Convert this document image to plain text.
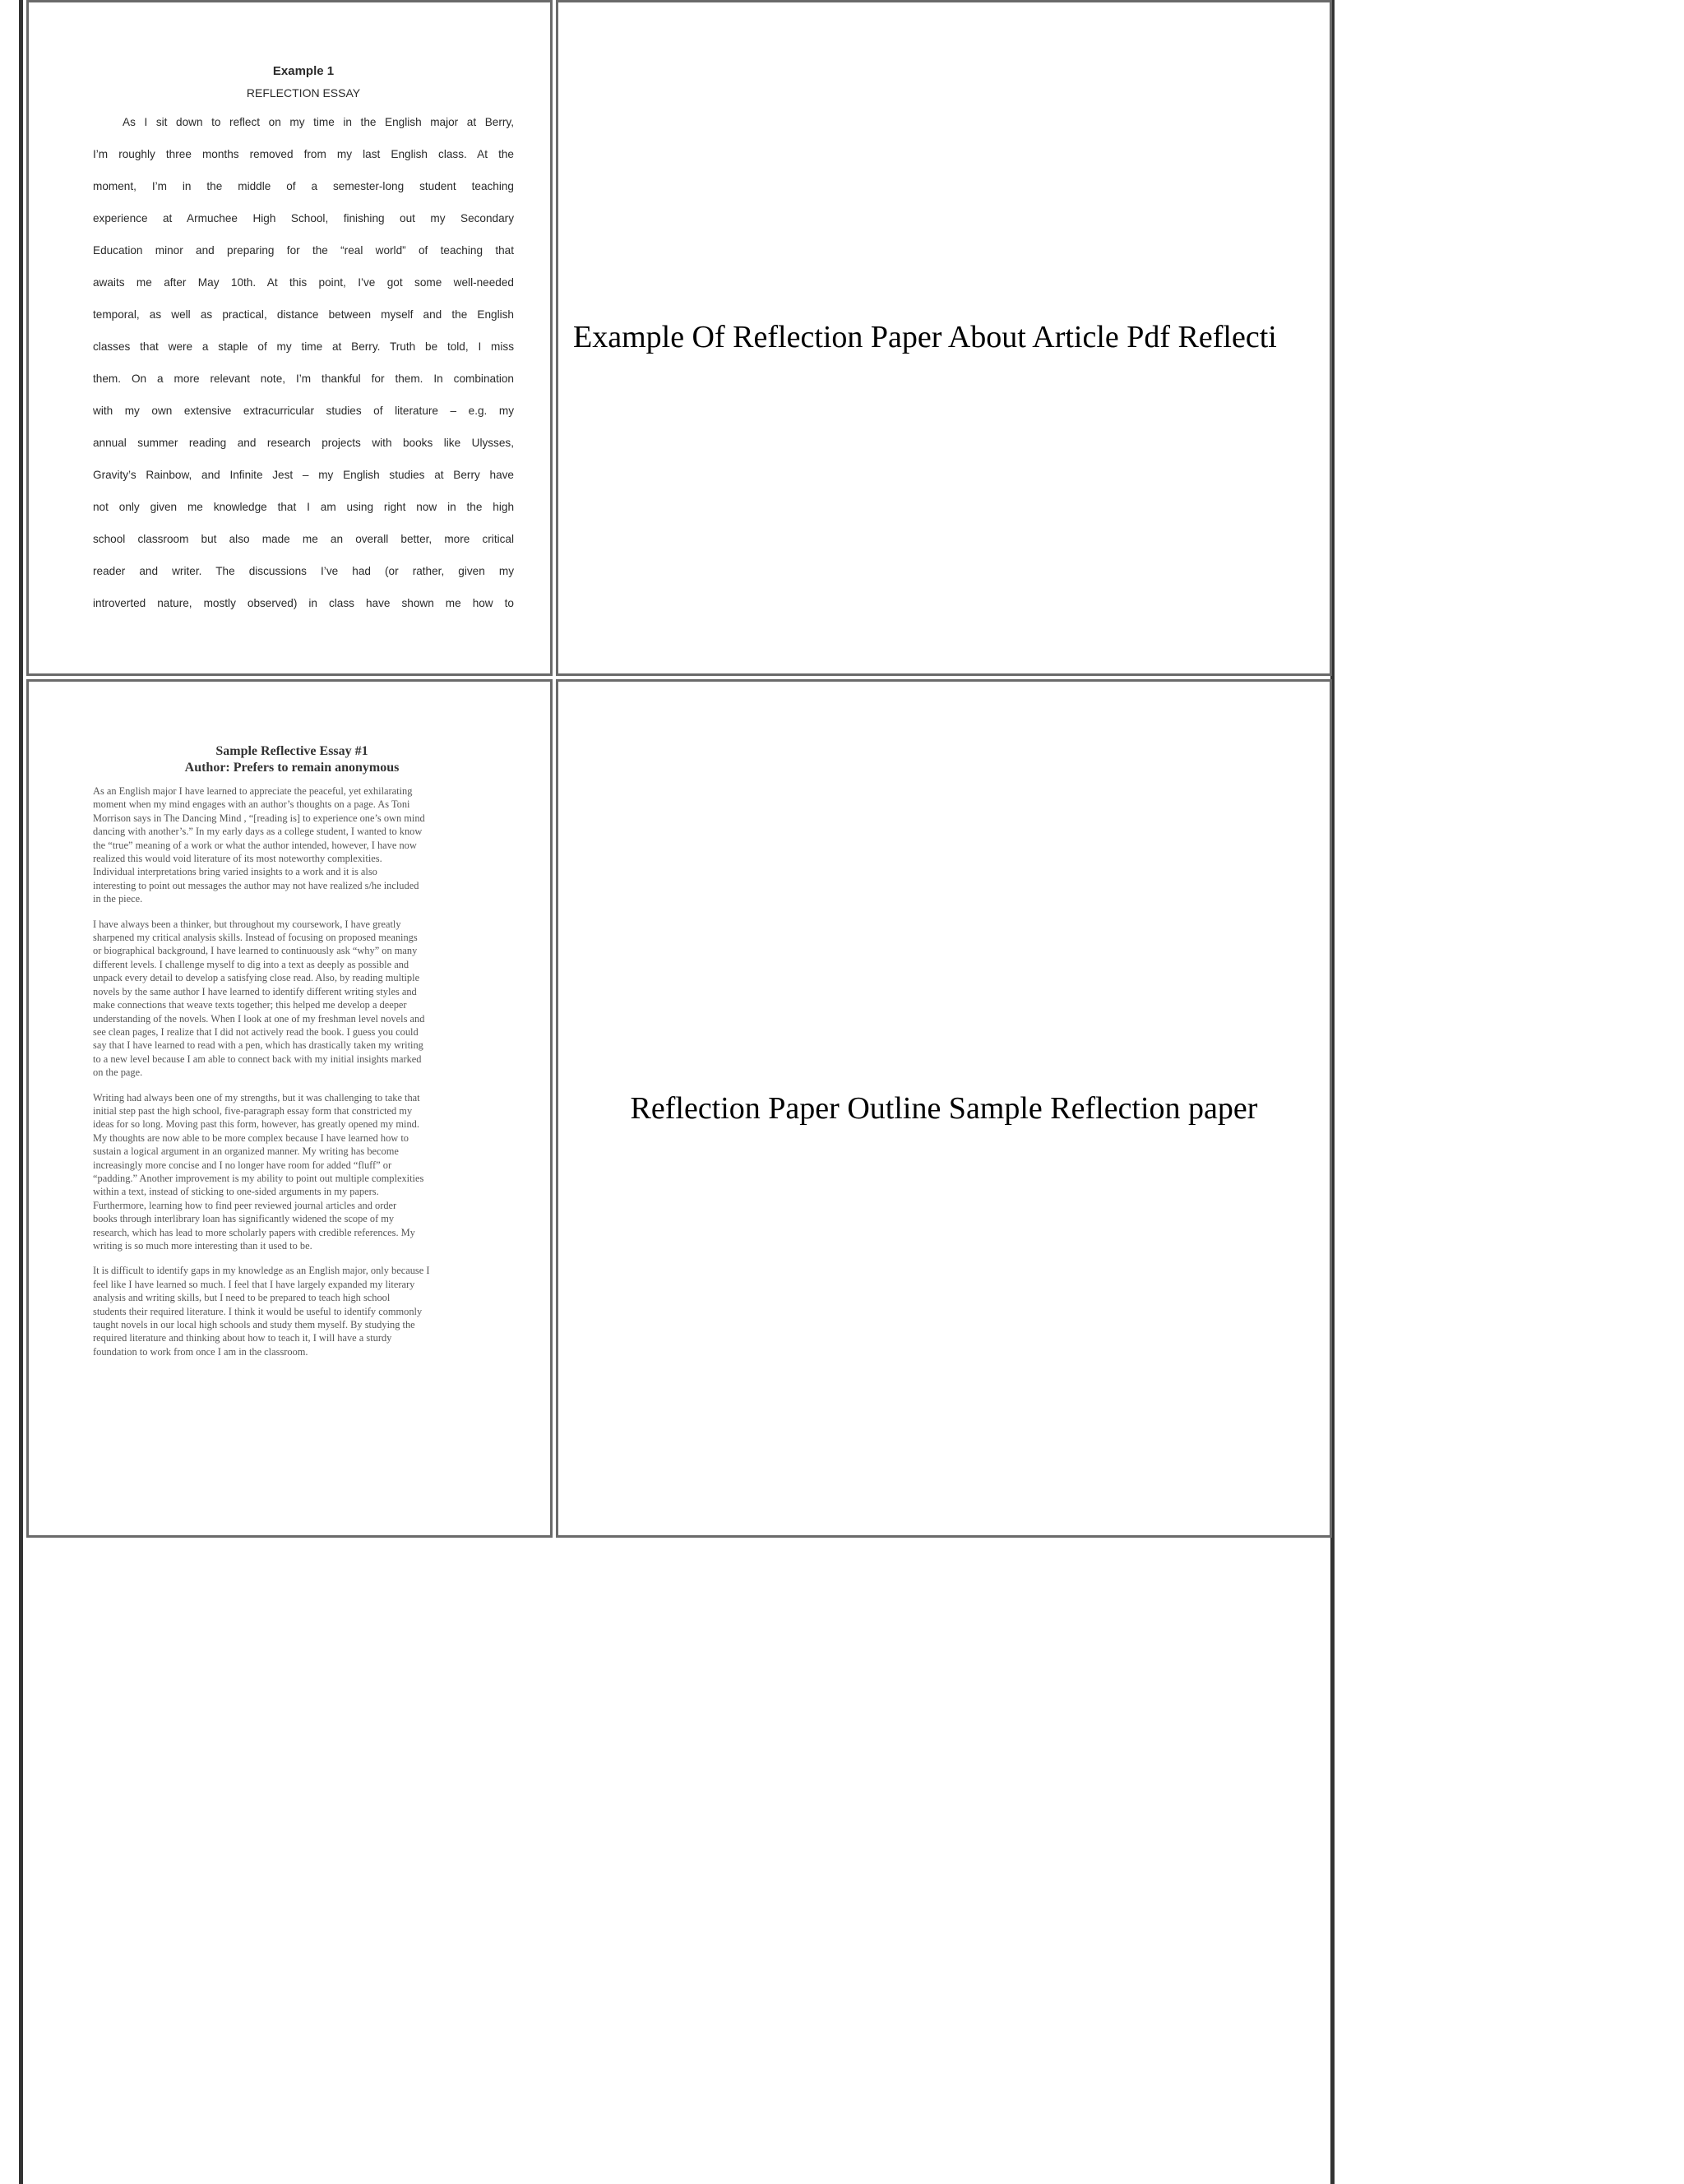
Example 1
REFLECTION ESSAY
As I sit down to reflect on my time in the English major at Berry,
I’m roughly three months removed from my last English class. At the
moment, I’m in the middle of a semester-long student teaching
experience at Armuchee High School, finishing out my Secondary
Education minor and preparing for the “real world” of teaching that
awaits me after May 10th. At this point, I’ve got some well-needed
temporal, as well as practical, distance between myself and the English
classes that were a staple of my time at Berry. Truth be told, I miss
them. On a more relevant note, I’m thankful for them. In combination
with my own extensive extracurricular studies of literature – e.g. my
annual summer reading and research projects with books like Ulysses,
Gravity’s Rainbow, and Infinite Jest – my English studies at Berry have
not only given me knowledge that I am using right now in the high
school classroom but also made me an overall better, more critical
reader and writer. The discussions I’ve had (or rather, given my
introverted nature, mostly observed) in class have shown me how to
Example Of Reflection Paper About Article Pdf Reflecti
Sample Reflective Essay #1
Author: Prefers to remain anonymous

As an English major I have learned to appreciate the peaceful, yet exhilarating
moment when my mind engages with an author’s thoughts on a page. As Toni
Morrison says in The Dancing Mind , “[reading is] to experience one’s own mind
dancing with another’s.” In my early days as a college student, I wanted to know
the “true” meaning of a work or what the author intended, however, I have now
realized this would void literature of its most noteworthy complexities.
Individual interpretations bring varied insights to a work and it is also
interesting to point out messages the author may not have realized s/he included
in the piece.

I have always been a thinker, but throughout my coursework, I have greatly
sharpened my critical analysis skills. Instead of focusing on proposed meanings
or biographical background, I have learned to continuously ask “why” on many
different levels. I challenge myself to dig into a text as deeply as possible and
unpack every detail to develop a satisfying close read. Also, by reading multiple
novels by the same author I have learned to identify different writing styles and
make connections that weave texts together; this helped me develop a deeper
understanding of the novels. When I look at one of my freshman level novels and
see clean pages, I realize that I did not actively read the book. I guess you could
say that I have learned to read with a pen, which has drastically taken my writing
to a new level because I am able to connect back with my initial insights marked
on the page.

Writing had always been one of my strengths, but it was challenging to take that
initial step past the high school, five-paragraph essay form that constricted my
ideas for so long. Moving past this form, however, has greatly opened my mind.
My thoughts are now able to be more complex because I have learned how to
sustain a logical argument in an organized manner. My writing has become
increasingly more concise and I no longer have room for added “fluff” or
“padding.” Another improvement is my ability to point out multiple complexities
within a text, instead of sticking to one-sided arguments in my papers.
Furthermore, learning how to find peer reviewed journal articles and order
books through interlibrary loan has significantly widened the scope of my
research, which has lead to more scholarly papers with credible references. My
writing is so much more interesting than it used to be.

It is difficult to identify gaps in my knowledge as an English major, only because I
feel like I have learned so much. I feel that I have largely expanded my literary
analysis and writing skills, but I need to be prepared to teach high school
students their required literature. I think it would be useful to identify commonly
taught novels in our local high schools and study them myself. By studying the
required literature and thinking about how to teach it, I will have a sturdy
foundation to work from once I am in the classroom.

Reflection Paper Outline Sample Reflection paper
